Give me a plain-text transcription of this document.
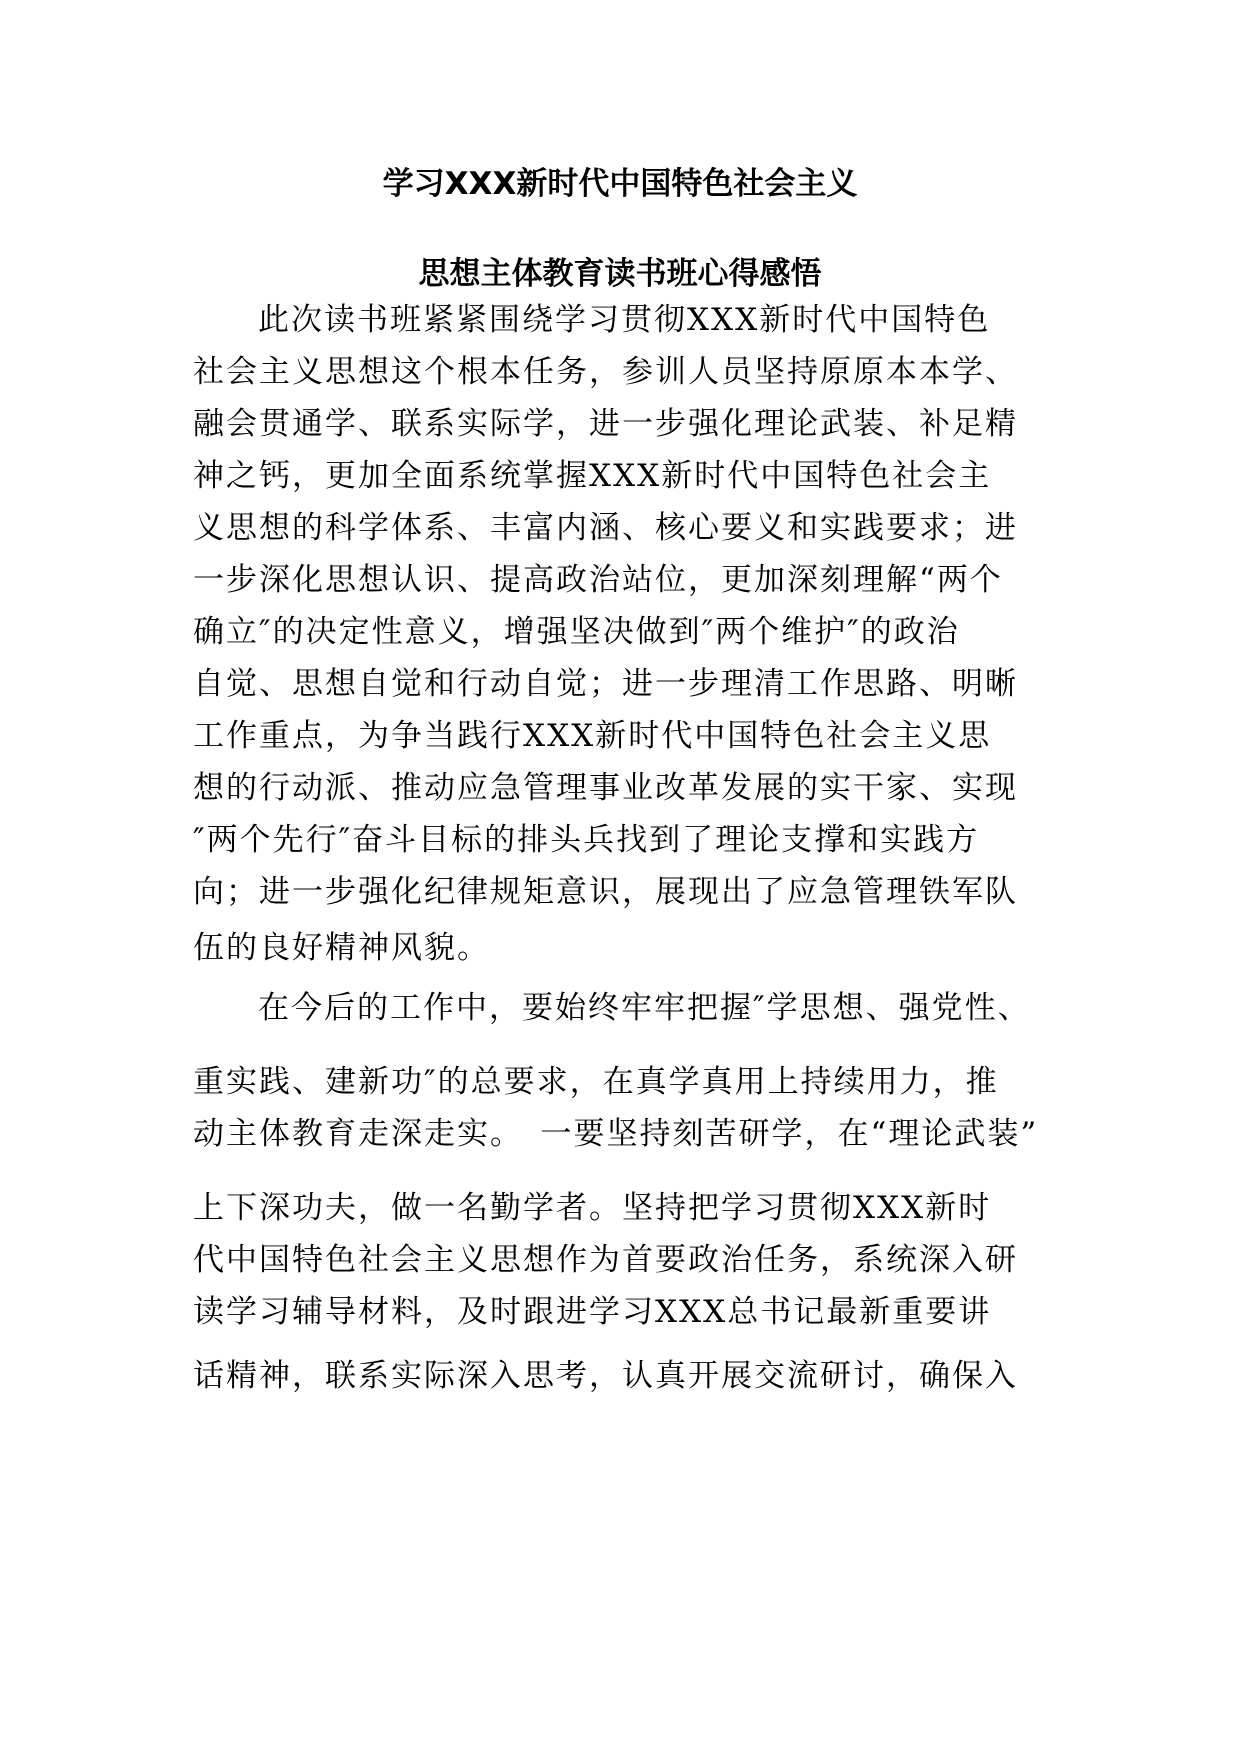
学习XXX新时代中国特色社会主义
思想主体教育读书班心得感悟
此次读书班紧紧围绕学习贯彻XXX新时代中国特色
社会主义思想这个根本任务，参训人员坚持原原本本学、
融会贯通学、联系实际学，进一步强化理论武装、补足精
神之钙，更加全面系统掌握XXX新时代中国特色社会主
义思想的科学体系、丰富内涵、核心要义和实践要求；进
一步深化思想认识、提高政治站位，更加深刻理解“两个
确立″的决定性意义，增强坚决做到″两个维护″的政治
自觉、思想自觉和行动自觉；进一步理清工作思路、明晰
工作重点，为争当践行XXX新时代中国特色社会主义思
想的行动派、推动应急管理事业改革发展的实干家、实现
″两个先行″奋斗目标的排头兵找到了理论支撑和实践方
向；进一步强化纪律规矩意识，展现出了应急管理铁军队
伍的良好精神风貌。
在今后的工作中，要始终牢牢把握″学思想、强党性、
重实践、建新功″的总要求，在真学真用上持续用力，推
动主体教育走深走实。　一要坚持刻苦研学，在“理论武装”
上下深功夫，做一名勤学者。坚持把学习贯彻XXX新时
代中国特色社会主义思想作为首要政治任务，系统深入研
读学习辅导材料，及时跟进学习XXX总书记最新重要讲
话精神，联系实际深入思考，认真开展交流研讨，确保入
